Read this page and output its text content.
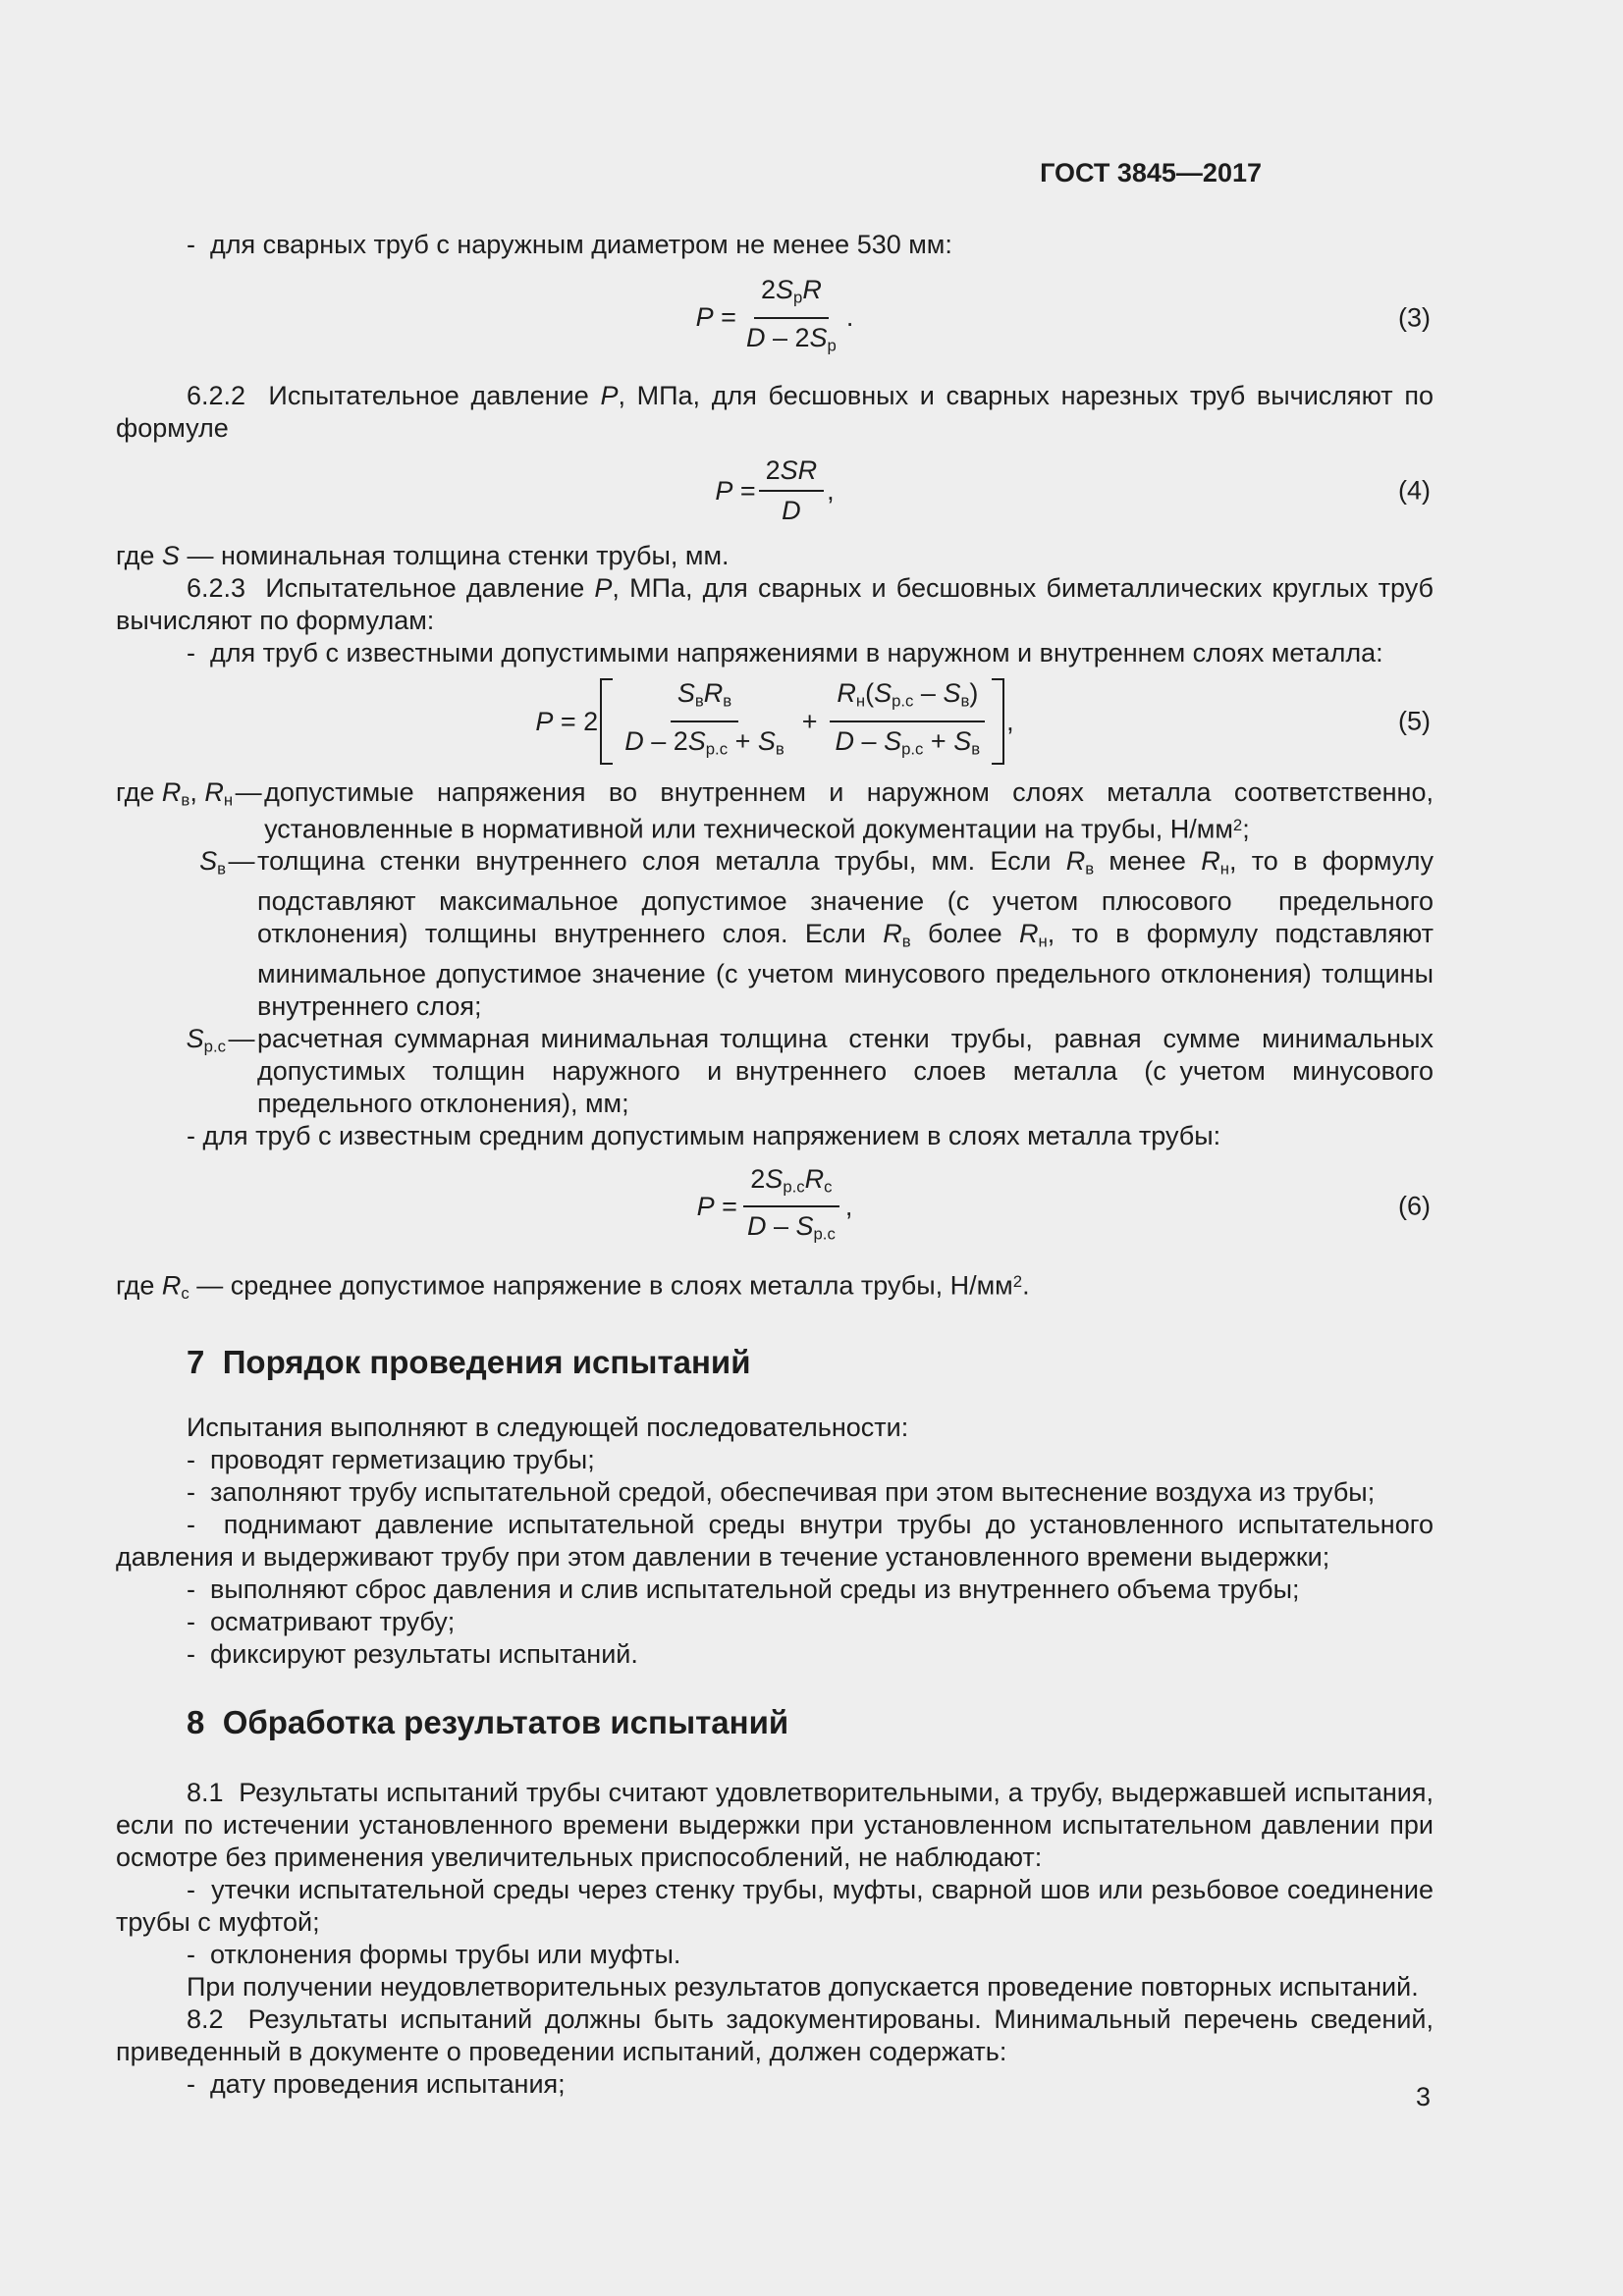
ГОСТ 3845—2017

-  для сварных труб с наружным диаметром не менее 530 мм:

$P = \frac{\text{2SрR}}{D - 2Sр}$ .	(3)

6.2.2  Испытательное давление P, МПа, для бесшовных и сварных нарезных труб вычисляют по формуле

$P = \frac{2SR}{D}$ ,	(4)

где S — номинальная толщина стенки трубы, мм.

6.2.3  Испытательное давление P, МПа, для сварных и бесшовных биметаллических круглых труб вычисляют по формулам:

-  для труб с известными допустимыми напряжениями в наружном и внутреннем слоях металла:

$P = 2 \frac{\text{SвRв}}{D - 2Sр.с + Sв} + \frac{Rн(Sр.с - Sв)}{D - Sр.с + Sв}$ ,	(5)
где Rв, Rн — допустимые напряжения во внутреннем и наружном слоях металла соответственно,  установленные в нормативной или технической документации на трубы, $Н/мм^2$;
Sв — толщина стенки внутреннего слоя металла трубы, мм. Если Rв менее Rн, то в формулу подставляют максимальное допустимое значение (с учетом плюсового  предельного  отклонения) толщины внутреннего слоя. Если Rв более Rн, то в формулу подставляют  минимальное допустимое значение (с учетом минусового предельного отклонения) толщины внутреннего слоя;
Sр.с — расчетная суммарная минимальная толщина  стенки  трубы,  равная  сумме  минимальных допустимых  толщин  наружного  и внутреннего  слоев  металла  (с учетом  минусового  предельного отклонения), мм;

- для труб с известным средним допустимым напряжением в слоях металла трубы:

$P = \frac{\text{2Sр.сRс}}{D - Sр.с}$ ,	(6)

где Rс — среднее допустимое напряжение в слоях металла трубы, $Н/мм^2$.

7  Порядок проведения испытаний

Испытания выполняют в следующей последовательности:

-  проводят герметизацию трубы;

-  заполняют трубу испытательной средой, обеспечивая при этом вытеснение воздуха из трубы;

-  поднимают давление испытательной среды внутри трубы до установленного испытательного давления и выдерживают трубу при этом давлении в течение установленного времени выдержки;

-  выполняют сброс давления и слив испытательной среды из внутреннего объема трубы;

-  осматривают трубу;

-  фиксируют результаты испытаний.

8  Обработка результатов испытаний

8.1  Результаты испытаний трубы считают удовлетворительными, а трубу, выдержавшей испытания, если по истечении установленного времени выдержки при установленном испытательном давлении при осмотре без применения увеличительных приспособлений, не наблюдают:

-  утечки испытательной среды через стенку трубы, муфты, сварной шов или резьбовое соединение трубы с муфтой;

-  отклонения формы трубы или муфты.

При получении неудовлетворительных результатов допускается проведение повторных испытаний.

8.2  Результаты испытаний должны быть задокументированы. Минимальный перечень сведений, приведенный в документе о проведении испытаний, должен содержать:

-  дату проведения испытания;	3
